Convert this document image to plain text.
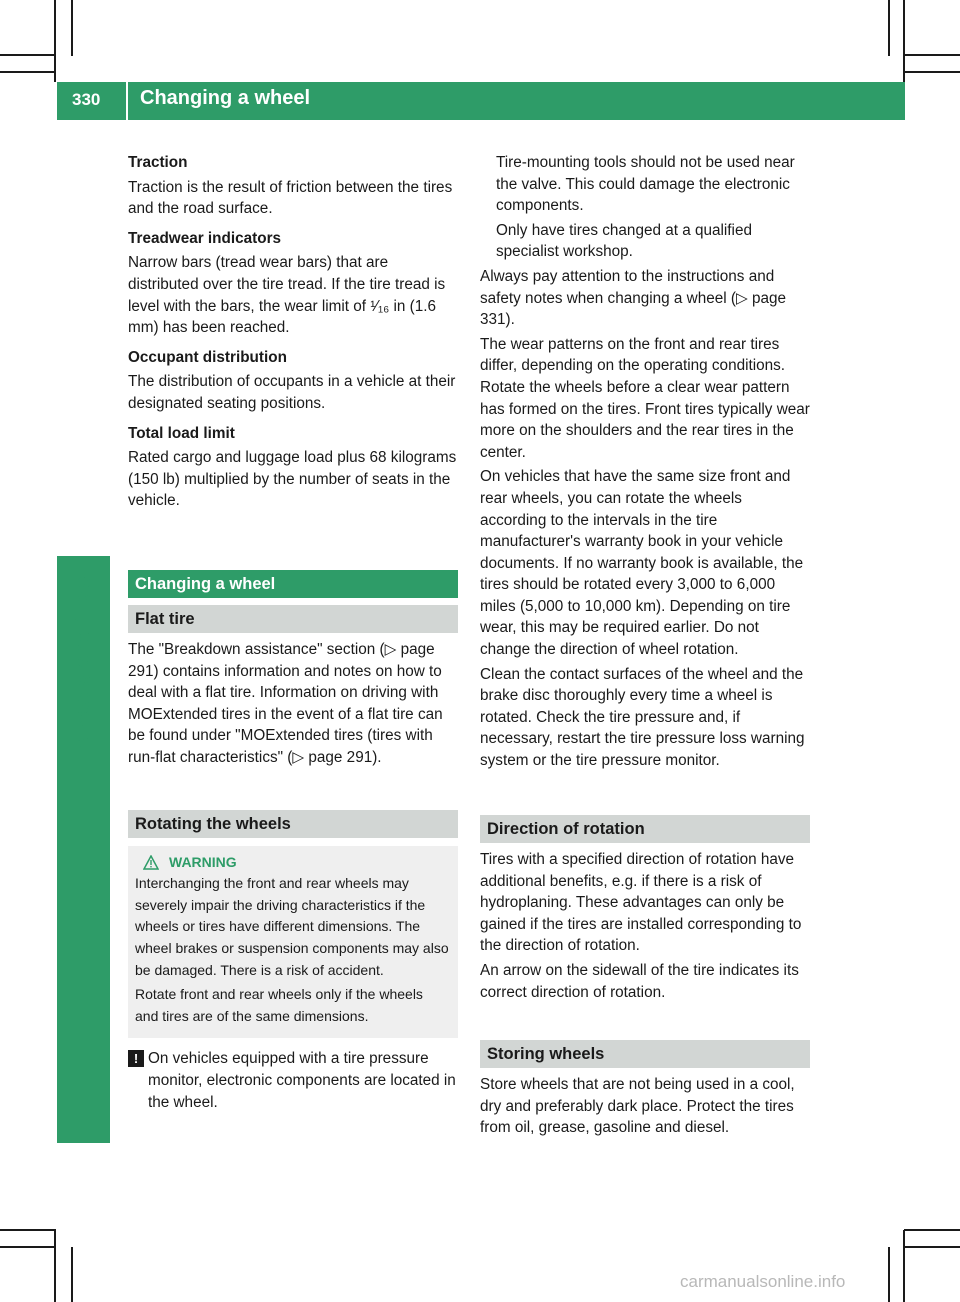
330	Changing a wheel
Wheels and tires
Traction

Traction is the result of friction between the tires and the road surface.

Treadwear indicators

Narrow bars (tread wear bars) that are distributed over the tire tread. If the tire tread is level with the bars, the wear limit of ¹⁄₁₆ in (1.6 mm) has been reached.

Occupant distribution

The distribution of occupants in a vehicle at their designated seating positions.

Total load limit

Rated cargo and luggage load plus 68 kilograms (150 lb) multiplied by the number of seats in the vehicle.

Changing a wheel
Flat tire

The "Breakdown assistance" section (▷ page 291) contains information and notes on how to deal with a flat tire. Information on driving with MOExtended tires in the event of a flat tire can be found under "MOExtended tires (tires with run-flat characteristics" (▷ page 291).

Rotating the wheels
WARNING

Interchanging the front and rear wheels may severely impair the driving characteristics if the wheels or tires have different dimensions. The wheel brakes or suspension components may also be damaged. There is a risk of accident.

Rotate front and rear wheels only if the wheels and tires are of the same dimensions.

! On vehicles equipped with a tire pressure monitor, electronic components are located in the wheel.

Tire-mounting tools should not be used near the valve. This could damage the electronic components.

Only have tires changed at a qualified specialist workshop.

Always pay attention to the instructions and safety notes when changing a wheel (▷ page 331).

The wear patterns on the front and rear tires differ, depending on the operating conditions. Rotate the wheels before a clear wear pattern has formed on the tires. Front tires typically wear more on the shoulders and the rear tires in the center.

On vehicles that have the same size front and rear wheels, you can rotate the wheels according to the intervals in the tire manufacturer's warranty book in your vehicle documents. If no warranty book is available, the tires should be rotated every 3,000 to 6,000 miles (5,000 to 10,000 km). Depending on tire wear, this may be required earlier. Do not change the direction of wheel rotation.

Clean the contact surfaces of the wheel and the brake disc thoroughly every time a wheel is rotated. Check the tire pressure and, if necessary, restart the tire pressure loss warning system or the tire pressure monitor.

Direction of rotation

Tires with a specified direction of rotation have additional benefits, e.g. if there is a risk of hydroplaning. These advantages can only be gained if the tires are installed corresponding to the direction of rotation.

An arrow on the sidewall of the tire indicates its correct direction of rotation.

Storing wheels

Store wheels that are not being used in a cool, dry and preferably dark place. Protect the tires from oil, grease, gasoline and diesel.

carmanualsonline.info
